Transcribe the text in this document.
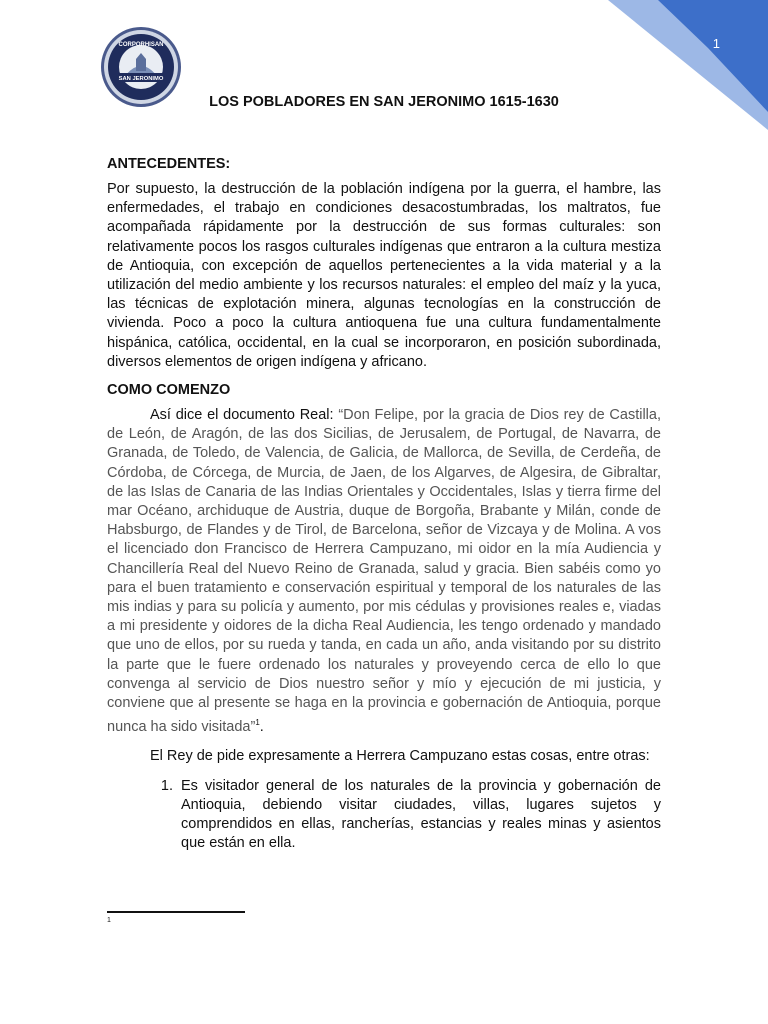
1
CORPORHISAN
SAN JERONIMO
LOS POBLADORES EN SAN JERONIMO 1615-1630
ANTECEDENTES:
Por supuesto, la destrucción de la población indígena por la guerra, el hambre, las enfermedades, el trabajo en condiciones desacostumbradas, los maltratos, fue acompañada rápidamente por la destrucción de sus formas culturales: son relativamente pocos los rasgos culturales indígenas que entraron a la cultura mestiza de Antioquia, con excepción de aquellos pertenecientes a la vida material y a la utilización del medio ambiente y los recursos naturales: el empleo del maíz y la yuca, las técnicas de explotación minera, algunas tecnologías en la construcción de vivienda. Poco a poco la cultura antioquena fue una cultura fundamentalmente hispánica, católica, occidental, en la cual se incorporaron, en posición subordinada, diversos elementos de origen indígena y africano.
COMO COMENZO
Así dice el documento Real: “Don Felipe, por la gracia de Dios rey de Castilla, de León, de Aragón, de las dos Sicilias, de Jerusalem, de Portugal, de Navarra, de Granada, de Toledo, de Valencia, de Galicia, de Mallorca, de Sevilla, de Cerdeña, de Córdoba, de Córcega, de Murcia, de Jaen, de los Algarves, de Algesira, de Gibraltar, de las Islas de Canaria de las Indias Orientales y Occidentales, Islas y tierra firme del mar Océano, archiduque de Austria, duque de Borgoña, Brabante y Milán, conde de Habsburgo, de Flandes y de Tirol, de Barcelona, señor de Vizcaya y de Molina. A vos el licenciado don Francisco de Herrera Campuzano, mi oidor en la mía Audiencia y Chancillería Real del Nuevo Reino de Granada, salud y gracia. Bien sabéis como yo para el buen tratamiento e conservación espiritual y temporal de los naturales de las mis indias y para su policía y aumento, por mis cédulas y provisiones reales e, viadas a mi presidente y oidores de la dicha Real Audiencia, les tengo ordenado y mandado que uno de ellos, por su rueda y tanda, en cada un año, anda visitando por su distrito la parte que le fuere ordenado los naturales y proveyendo cerca de ello lo que convenga al servicio de Dios nuestro señor y mío y ejecución de mi justicia, y conviene que al presente se haga en la provincia e gobernación de Antioquia, porque nunca ha sido visitada”$^1$.
El Rey de pide expresamente a Herrera Campuzano estas cosas, entre otras:
1. Es visitador general de los naturales de la provincia y gobernación de Antioquia, debiendo visitar ciudades, villas, lugares sujetos y comprendidos en ellas, rancherías, estancias y reales minas y asientos que están en ella.
1
